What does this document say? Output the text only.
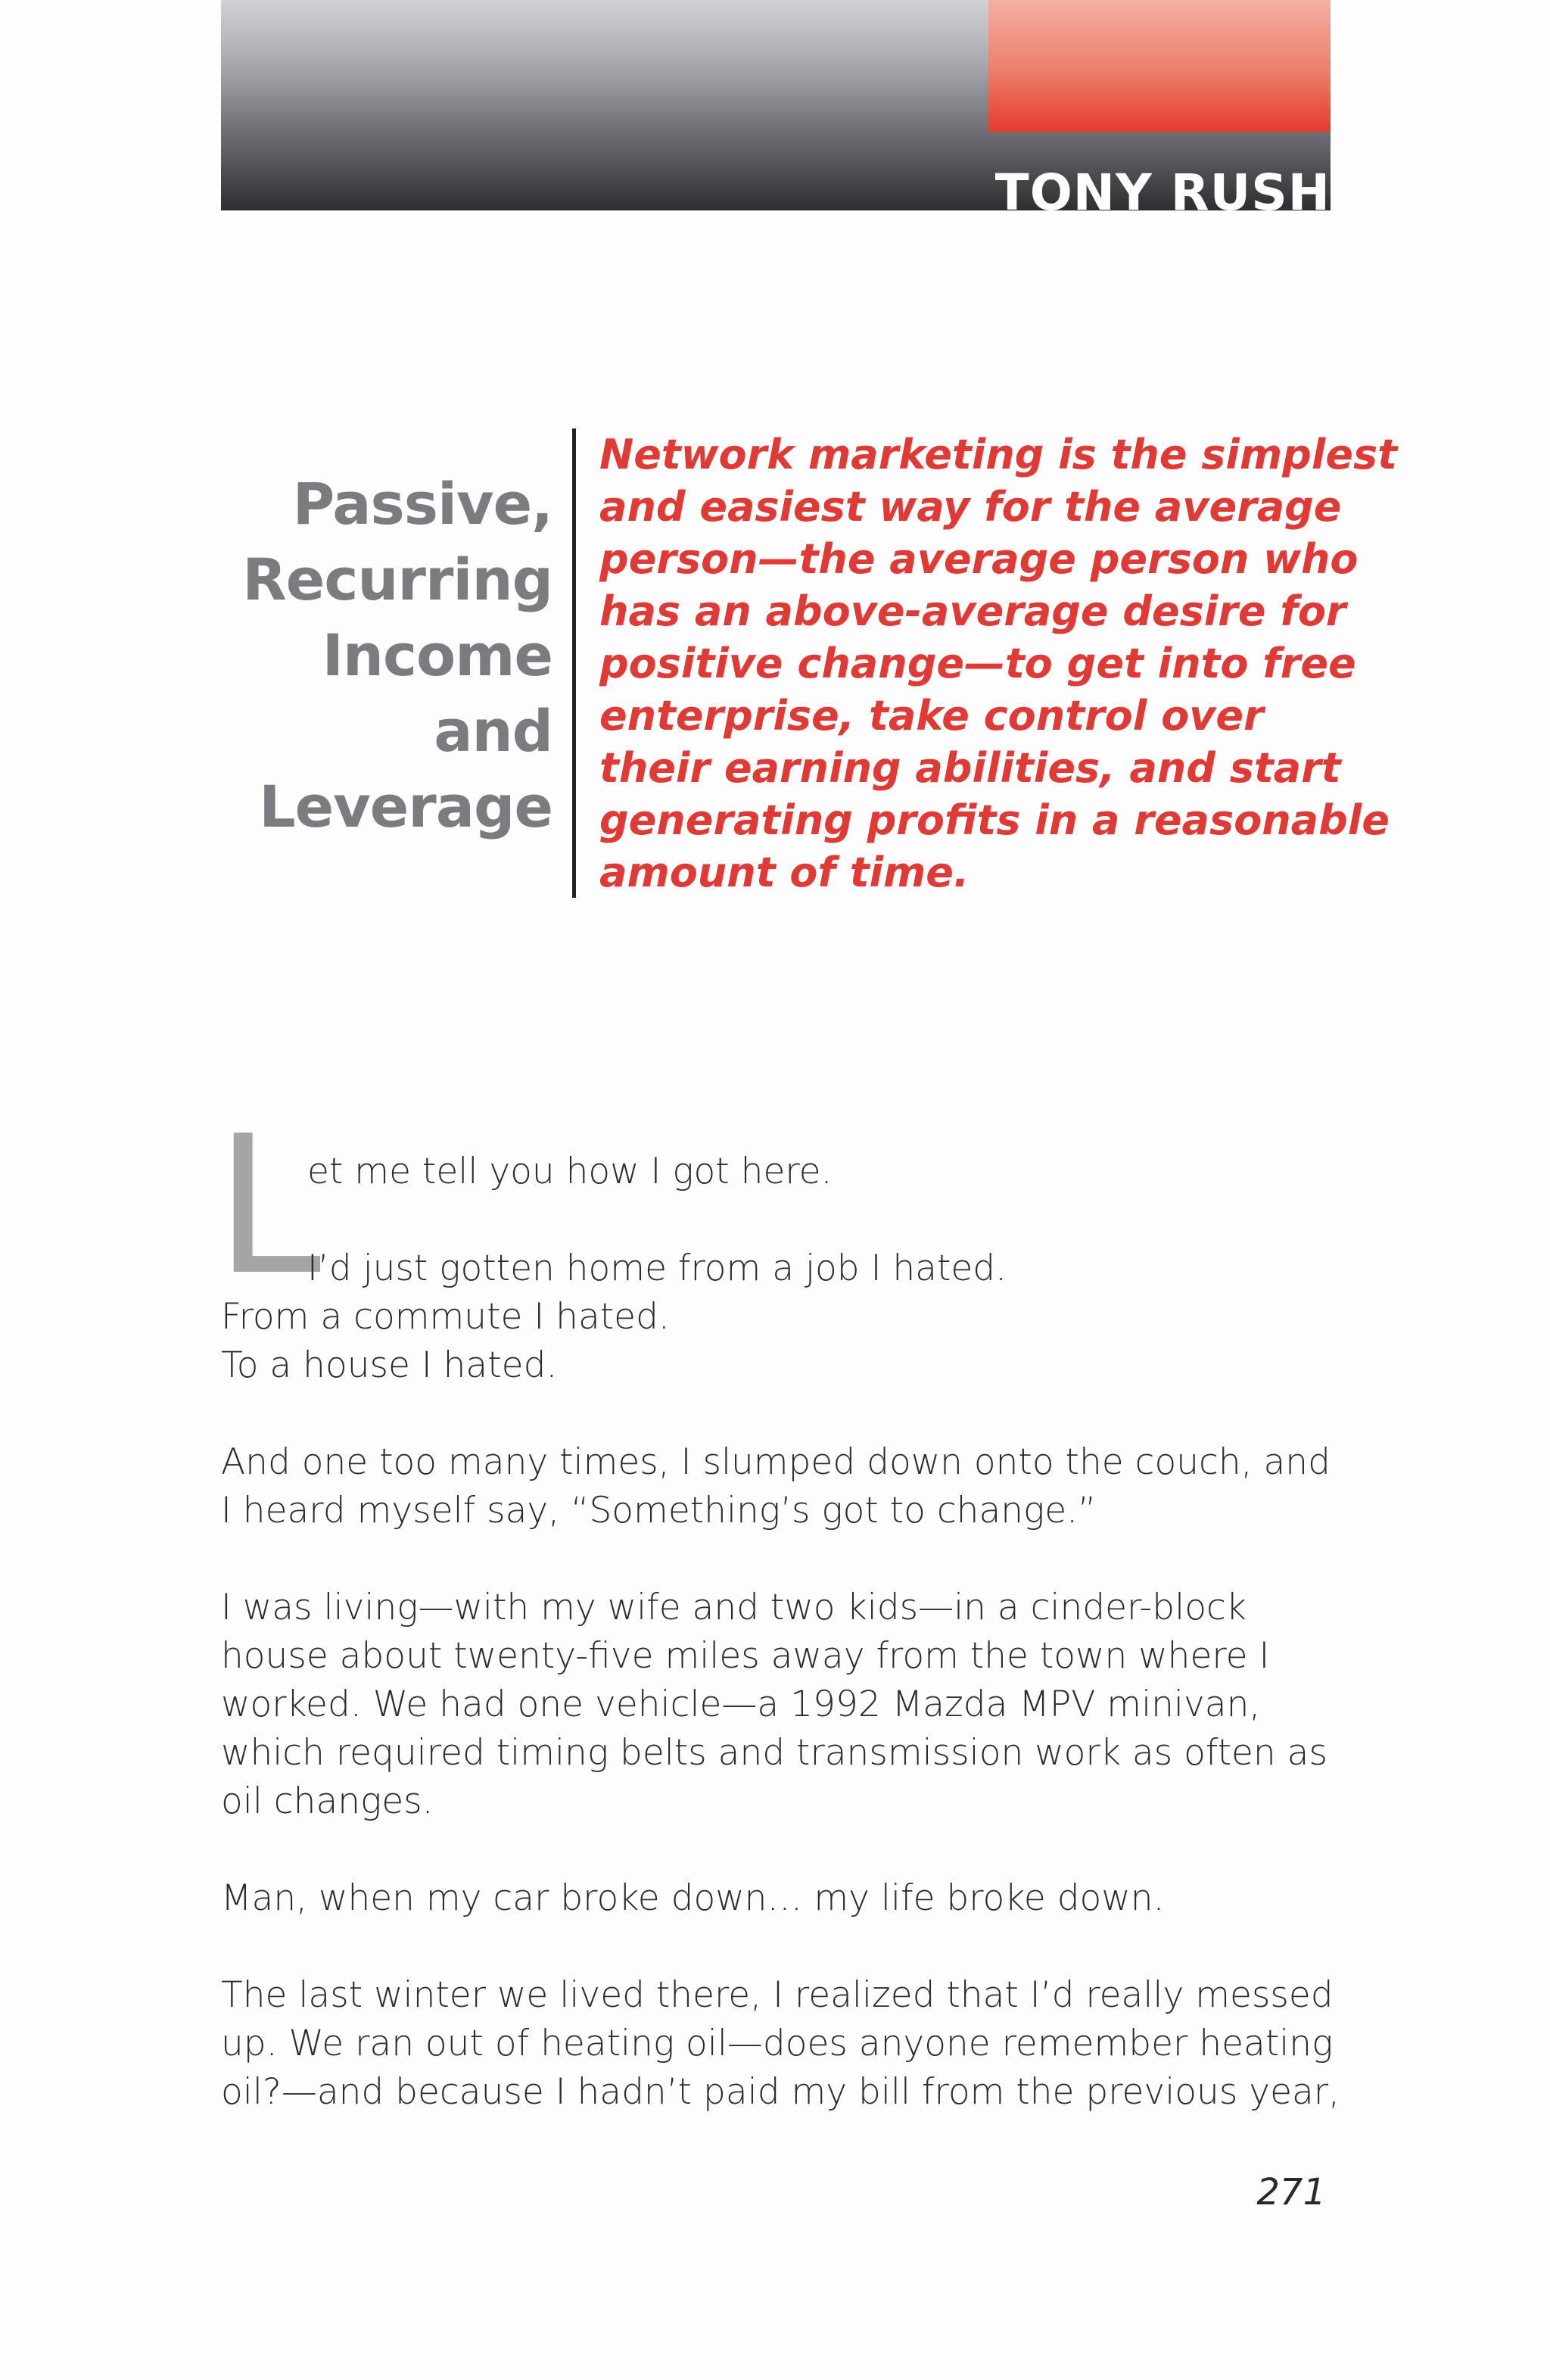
TONY RUSH
Passive,
Recurring
Income
and
Leverage
Network marketing is the simplest
and easiest way for the average
person—the average person who
has an above-average desire for
positive change—to get into free
enterprise, take control over
their earning abilities, and start
generating profits in a reasonable
amount of time.
L
et me tell you how I got here.
I’d just gotten home from a job I hated.
From a commute I hated.
To a house I hated.
And one too many times, I slumped down onto the couch, and
I heard myself say, “Something’s got to change.”
I was living—with my wife and two kids—in a cinder-block
house about twenty-five miles away from the town where I
worked. We had one vehicle—a 1992 Mazda MPV minivan,
which required timing belts and transmission work as often as
oil changes.
Man, when my car broke down… my life broke down.
The last winter we lived there, I realized that I’d really messed
up. We ran out of heating oil—does anyone remember heating
oil?—and because I hadn’t paid my bill from the previous year,
271
